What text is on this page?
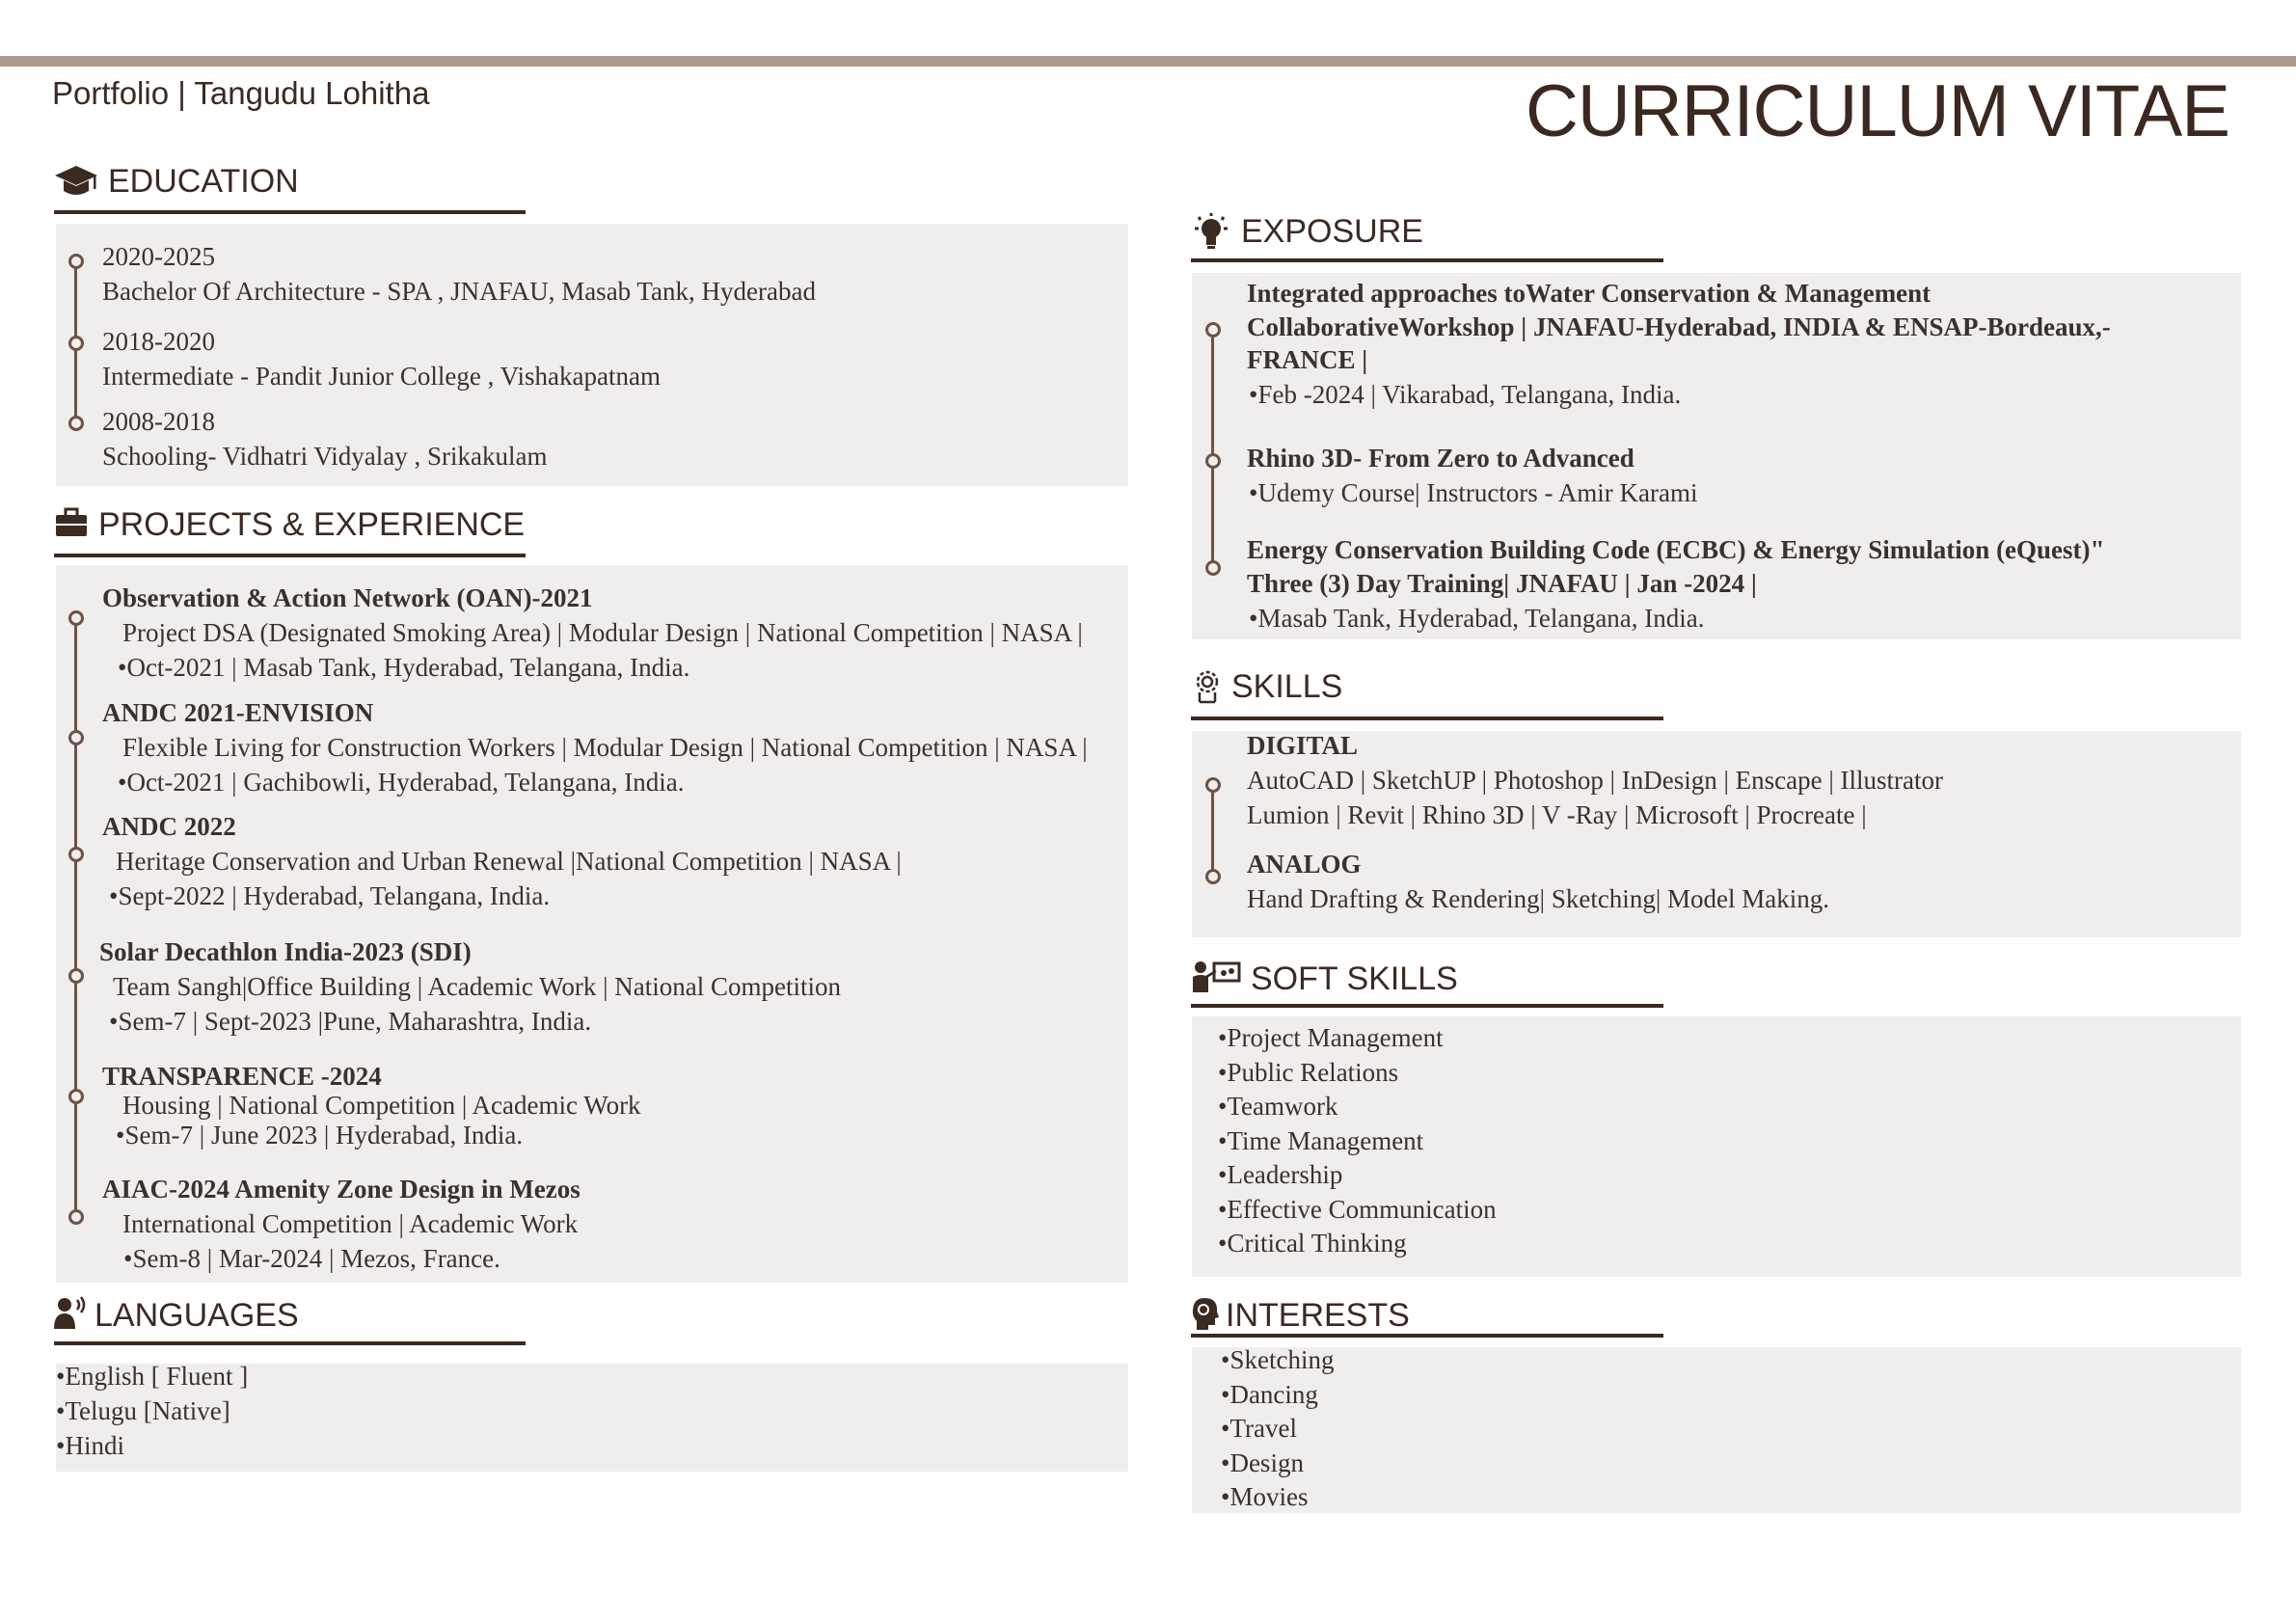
Portfolio | Tangudu Lohitha	CURRICULUM VITAE
EDUCATION
2020-2025
Bachelor Of Architecture - SPA , JNAFAU, Masab Tank, Hyderabad
2018-2020
Intermediate - Pandit Junior College , Vishakapatnam
2008-2018
Schooling- Vidhatri Vidyalay , Srikakulam
PROJECTS & EXPERIENCE
Observation & Action Network (OAN)-2021
Project DSA (Designated Smoking Area) | Modular Design | National Competition | NASA |
•Oct-2021 | Masab Tank, Hyderabad, Telangana, India.
ANDC 2021-ENVISION
Flexible Living for Construction Workers | Modular Design | National Competition | NASA |
•Oct-2021 | Gachibowli, Hyderabad, Telangana, India.
ANDC 2022
Heritage Conservation and Urban Renewal |National Competition | NASA |
•Sept-2022 | Hyderabad, Telangana, India.
Solar Decathlon India-2023 (SDI)
Team Sangh|Office Building | Academic Work | National Competition
•Sem-7 | Sept-2023 |Pune, Maharashtra, India.
TRANSPARENCE -2024
Housing | National Competition | Academic Work
•Sem-7 | June 2023 | Hyderabad, India.
AIAC-2024 Amenity Zone Design in Mezos
International Competition | Academic Work
•Sem-8 | Mar-2024 | Mezos, France.
LANGUAGES
•English [ Fluent ]
•Telugu [Native]
•Hindi
EXPOSURE
Integrated approaches toWater Conservation & Management
CollaborativeWorkshop | JNAFAU-Hyderabad, INDIA & ENSAP-Bordeaux,-
FRANCE |
•Feb -2024 | Vikarabad, Telangana, India.
Rhino 3D- From Zero to Advanced
•Udemy Course| Instructors - Amir Karami
Energy Conservation Building Code (ECBC) & Energy Simulation (eQuest)"
Three (3) Day Training| JNAFAU | Jan -2024 |
•Masab Tank, Hyderabad, Telangana, India.
SKILLS
DIGITAL
AutoCAD | SketchUP | Photoshop | InDesign | Enscape | Illustrator
Lumion | Revit | Rhino 3D | V -Ray | Microsoft | Procreate |
ANALOG
Hand Drafting & Rendering| Sketching| Model Making.
SOFT SKILLS
•Project Management
•Public Relations
•Teamwork
•Time Management
•Leadership
•Effective Communication
•Critical Thinking
INTERESTS
•Sketching
•Dancing
•Travel
•Design
•Movies
